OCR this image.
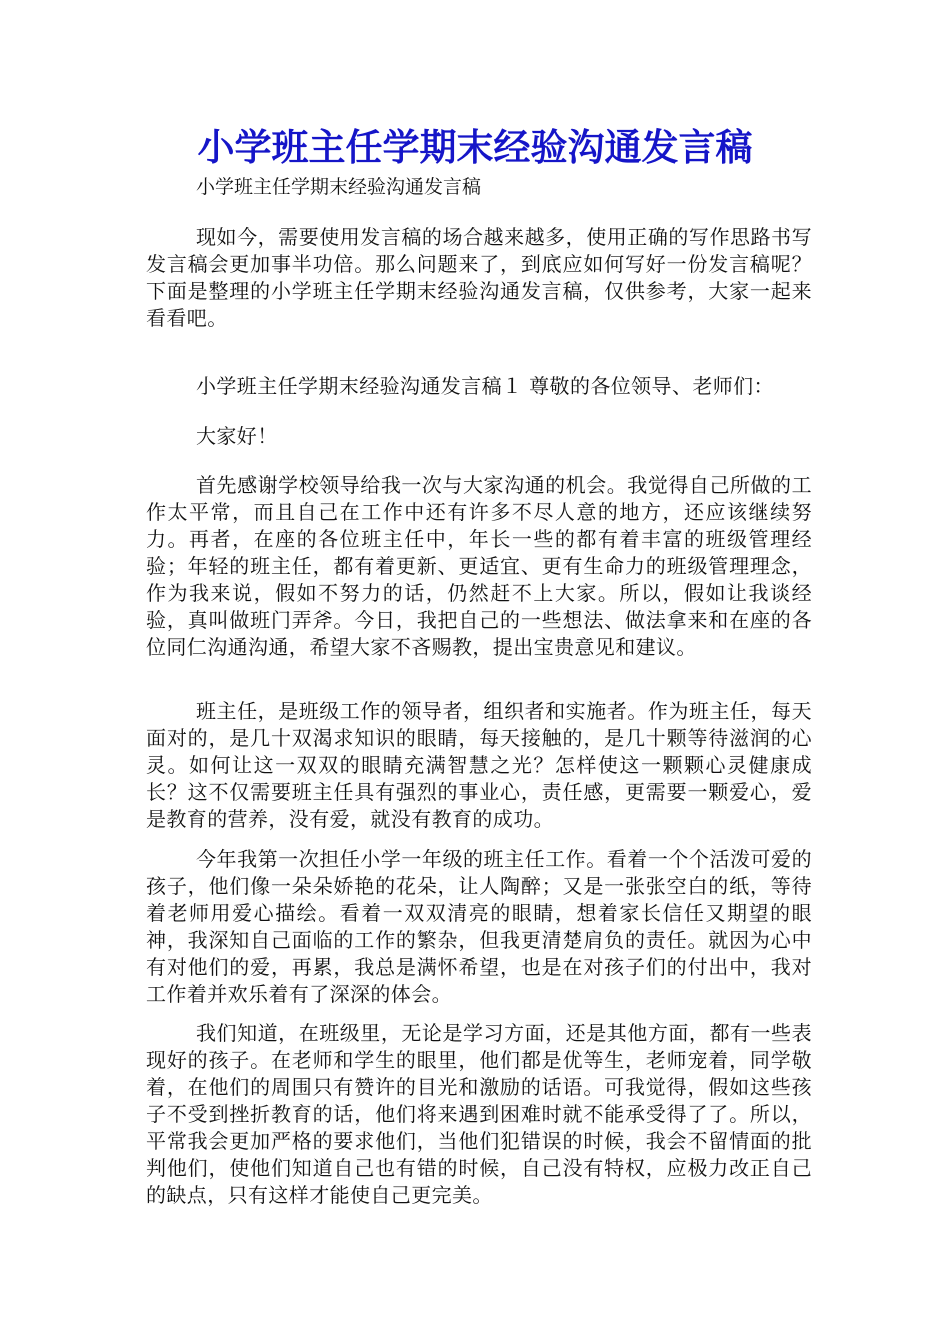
小学班主任学期末经验沟通发言稿

小学班主任学期末经验沟通发言稿

现如今，需要使用发言稿的场合越来越多，使用正确的写作思路书写发言稿会更加事半功倍。那么问题来了，到底应如何写好一份发言稿呢？下面是整理的小学班主任学期末经验沟通发言稿，仅供参考，大家一起来看看吧。

小学班主任学期末经验沟通发言稿１ 尊敬的各位领导、老师们：

大家好！

首先感谢学校领导给我一次与大家沟通的机会。我觉得自己所做的工作太平常，而且自己在工作中还有许多不尽人意的地方，还应该继续努力。再者，在座的各位班主任中，年长一些的都有着丰富的班级管理经验；年轻的班主任，都有着更新、更适宜、更有生命力的班级管理理念，作为我来说，假如不努力的话，仍然赶不上大家。所以，假如让我谈经验，真叫做班门弄斧。今日，我把自己的一些想法、做法拿来和在座的各位同仁沟通沟通，希望大家不吝赐教，提出宝贵意见和建议。

班主任，是班级工作的领导者，组织者和实施者。作为班主任，每天面对的，是几十双渴求知识的眼睛，每天接触的，是几十颗等待滋润的心灵。如何让这一双双的眼睛充满智慧之光？怎样使这一颗颗心灵健康成长？这不仅需要班主任具有强烈的事业心，责任感，更需要一颗爱心，爱是教育的营养，没有爱，就没有教育的成功。

今年我第一次担任小学一年级的班主任工作。看着一个个活泼可爱的孩子，他们像一朵朵娇艳的花朵，让人陶醉；又是一张张空白的纸，等待着老师用爱心描绘。看着一双双清亮的眼睛，想着家长信任又期望的眼神，我深知自己面临的工作的繁杂，但我更清楚肩负的责任。就因为心中有对他们的爱，再累，我总是满怀希望，也是在对孩子们的付出中，我对工作着并欢乐着有了深深的体会。

我们知道，在班级里，无论是学习方面，还是其他方面，都有一些表现好的孩子。在老师和学生的眼里，他们都是优等生，老师宠着，同学敬着，在他们的周围只有赞许的目光和激励的话语。可我觉得，假如这些孩子不受到挫折教育的话，他们将来遇到困难时就不能承受得了了。所以，平常我会更加严格的要求他们，当他们犯错误的时候，我会不留情面的批判他们，使他们知道自己也有错的时候，自己没有特权，应极力改正自己的缺点，只有这样才能使自己更完美。
